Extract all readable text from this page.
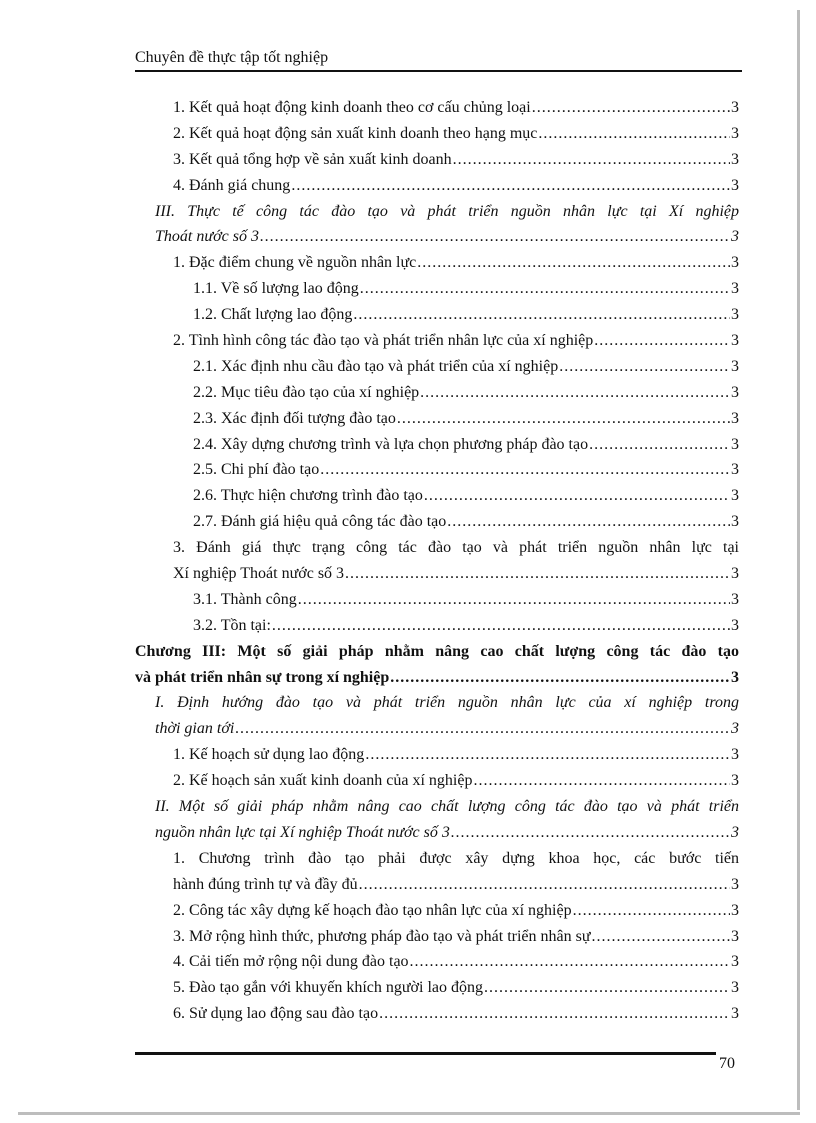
Chuyên đề thực tập tốt nghiệp
1. Kết quả hoạt động kinh doanh theo cơ cấu chủng loại .....	3
2. Kết quả hoạt động sản xuất kinh doanh theo hạng mục .....	3
3. Kết quả tổng hợp về sản xuất kinh doanh .....	3
4. Đánh giá chung .....	3
III. Thực tế công tác đào tạo và phát triển nguồn nhân lực tại Xí nghiệp
Thoát nước số 3 .....	3
1. Đặc điểm chung về nguồn nhân lực .....	3
1.1. Về số lượng lao động .....	3
1.2. Chất lượng lao động .....	3
2. Tình hình công tác đào tạo và phát triển nhân lực của xí nghiệp .....	3
2.1. Xác định nhu cầu đào tạo và phát triển của xí nghiệp .....	3
2.2. Mục tiêu đào tạo của xí nghiệp .....	3
2.3. Xác định đối tượng đào tạo .....	3
2.4. Xây dựng chương trình và lựa chọn phương pháp đào tạo .....	3
2.5. Chi phí đào tạo .....	3
2.6. Thực hiện chương trình đào tạo .....	3
2.7. Đánh giá hiệu quả công tác đào tạo .....	3
3. Đánh giá thực trạng công tác đào tạo và phát triển nguồn nhân lực tại
Xí nghiệp Thoát nước số 3 .....	3
3.1. Thành công .....	3
3.2. Tồn tại: .....	3
Chương III: Một số giải pháp nhằm nâng cao chất lượng công tác đào tạo
và phát triển nhân sự trong xí nghiệp .....	3
I. Định hướng đào tạo và phát triển nguồn nhân lực của xí nghiệp trong
thời gian tới .....	3
1. Kế hoạch sử dụng lao động .....	3
2. Kế hoạch sản xuất kinh doanh của xí nghiệp .....	3
II. Một số giải pháp nhằm nâng cao chất lượng công tác đào tạo và phát triển
nguồn nhân lực tại Xí nghiệp Thoát nước số 3 .....	3
1. Chương trình đào tạo phải được xây dựng khoa học, các bước tiến
hành đúng trình tự và đầy đủ .....	3
2. Công tác xây dựng kế hoạch đào tạo nhân lực của xí nghiệp .....	3
3. Mở rộng hình thức, phương pháp đào tạo và phát triển nhân sự .....	3
4. Cải tiến mở rộng nội dung đào tạo .....	3
5. Đào tạo gắn với khuyến khích người lao động .....	3
6. Sử dụng lao động sau đào tạo .....	3
70
